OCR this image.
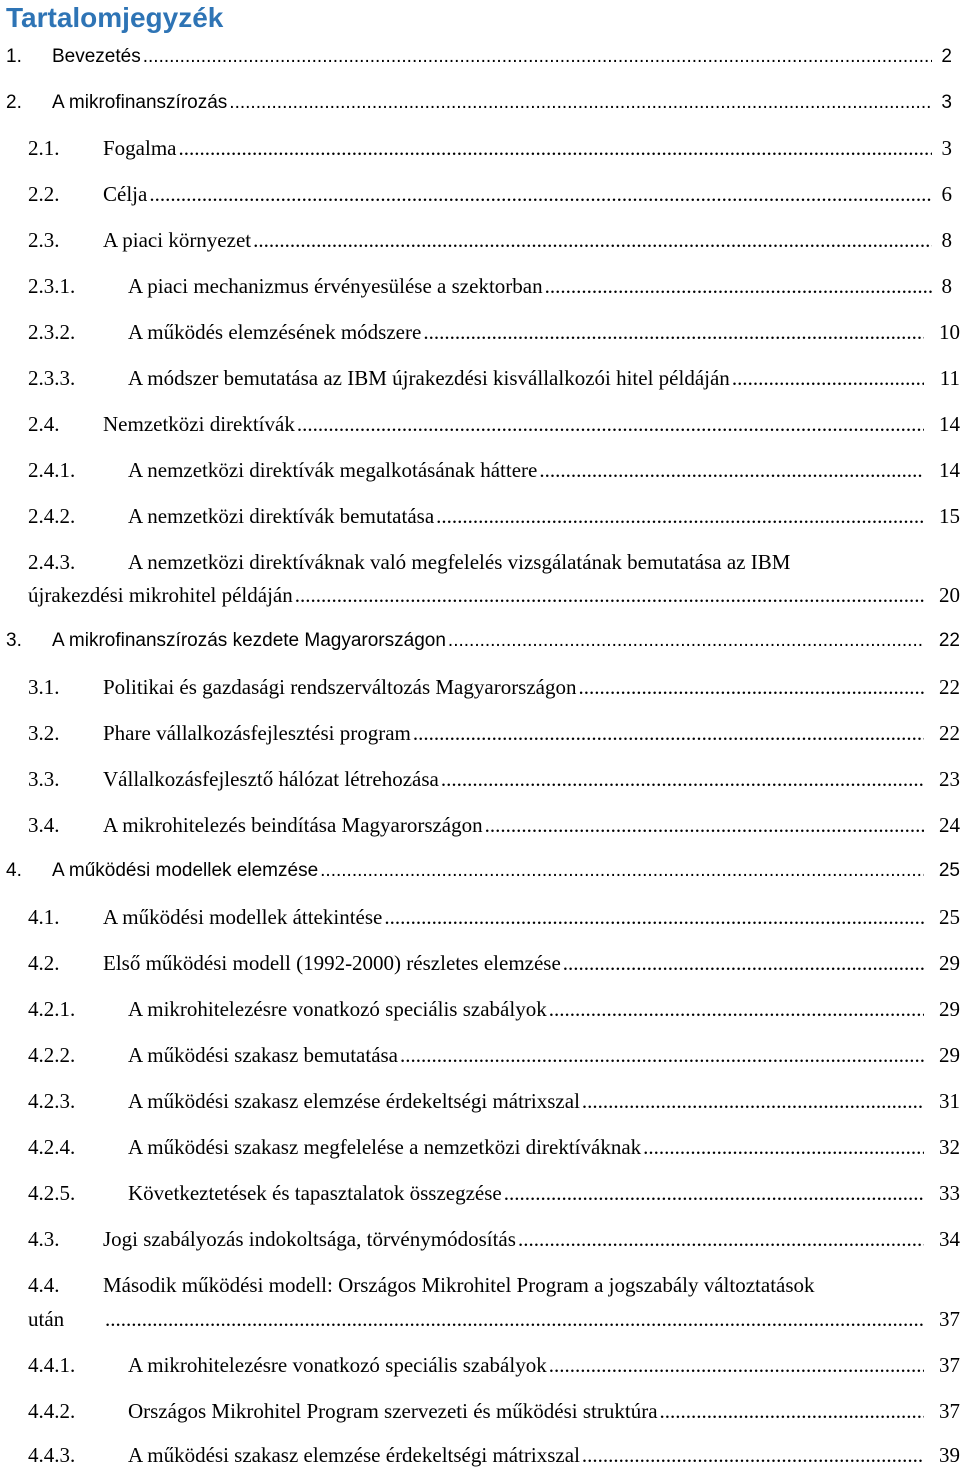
Tartalomjegyzék
1. Bevezetés .....	2
2. A mikrofinanszírozás .....	3
2.1. Fogalma .....	3
2.2. Célja .....	6
2.3. A piaci környezet .....	8
2.3.1.	A piaci mechanizmus érvényesülése a szektorban .....	8
2.3.2.	A működés elemzésének módszere .....	10
2.3.3.	A módszer bemutatása az IBM újrakezdési kisvállalkozói hitel példáján .....	11
2.4. Nemzetközi direktívák .....	14
2.4.1.	A nemzetközi direktívák megalkotásának háttere .....	14
2.4.2.	A nemzetközi direktívák bemutatása .....	15
2.4.3.	A nemzetközi direktíváknak való megfelelés vizsgálatának bemutatása az IBM
újrakezdési mikrohitel példáján .....	20
3. A mikrofinanszírozás kezdete Magyarországon .....	22
3.1. Politikai és gazdasági rendszerváltozás Magyarországon .....	22
3.2. Phare vállalkozásfejlesztési program .....	22
3.3. Vállalkozásfejlesztő hálózat létrehozása .....	23
3.4. A mikrohitelezés beindítása Magyarországon .....	24
4. A működési modellek elemzése .....	25
4.1. A működési modellek áttekintése .....	25
4.2. Első működési modell (1992-2000) részletes elemzése .....	29
4.2.1.	A mikrohitelezésre vonatkozó speciális szabályok .....	29
4.2.2.	A működési szakasz bemutatása .....	29
4.2.3.	A működési szakasz elemzése érdekeltségi mátrixszal .....	31
4.2.4.	A működési szakasz megfelelése a nemzetközi direktíváknak .....	32
4.2.5.	Következtetések és tapasztalatok összegzése .....	33
4.3. Jogi szabályozás indokoltsága, törvénymódosítás .....	34
4.4. Második működési modell: Országos Mikrohitel Program a jogszabály változtatások
után .....	37
4.4.1.	A mikrohitelezésre vonatkozó speciális szabályok .....	37
4.4.2.	Országos Mikrohitel Program szervezeti és működési struktúra .....	37
4.4.3.	A működési szakasz elemzése érdekeltségi mátrixszal .....	39
